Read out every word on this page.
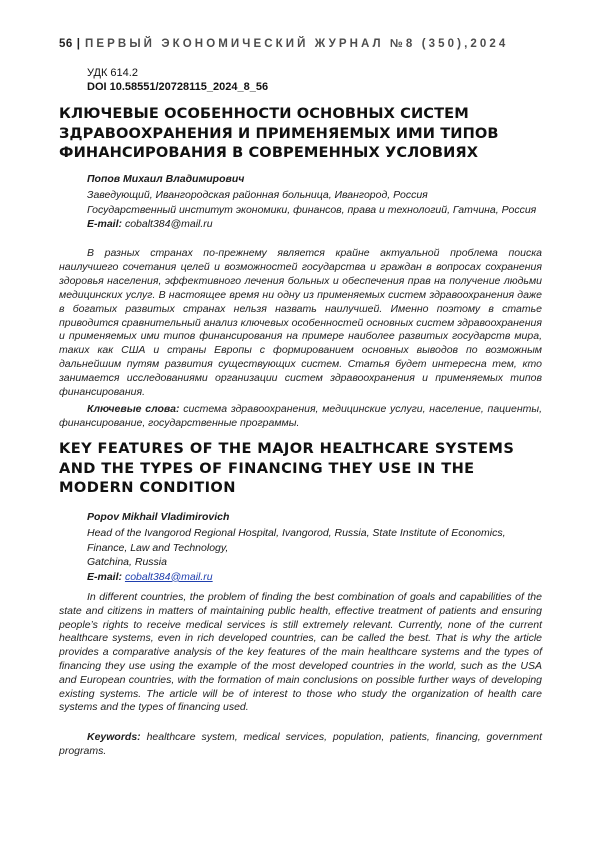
56 | ПЕРВЫЙ ЭКОНОМИЧЕСКИЙ ЖУРНАЛ №8 (350),2024
УДК 614.2
DOI 10.58551/20728115_2024_8_56
КЛЮЧЕВЫЕ ОСОБЕННОСТИ ОСНОВНЫХ СИСТЕМ ЗДРАВООХРАНЕНИЯ И ПРИМЕНЯЕМЫХ ИМИ ТИПОВ ФИНАНСИРОВАНИЯ В СОВРЕМЕННЫХ УСЛОВИЯХ
Попов Михаил Владимирович
Заведующий, Ивангородская районная больница, Ивангород, Россия
Государственный институт экономики, финансов, права и технологий, Гатчина, Россия
E-mail: cobalt384@mail.ru

В разных странах по-прежнему является крайне актуальной проблема поиска наилучшего сочетания целей и возможностей государства и граждан в вопросах сохранения здоровья населения, эффективного лечения больных и обеспечения прав на получение людьми медицинских услуг. В настоящее время ни одну из применяемых систем здравоохранения даже в богатых развитых странах нельзя назвать наилучшей. Именно поэтому в статье приводится сравнительный анализ ключевых особенностей основных систем здравоохранения и применяемых ими типов финансирования на примере наиболее развитых государств мира, таких как США и страны Европы с формированием основных выводов по возможным дальнейшим путям развития существующих систем. Статья будет интересна тем, кто занимается исследованиями организации систем здравоохранения и применяемых типов финансирования.

Ключевые слова: система здравоохранения, медицинские услуги, население, пациенты, финансирование, государственные программы.

KEY FEATURES OF THE MAJOR HEALTHCARE SYSTEMS AND THE TYPES OF FINANCING THEY USE IN THE MODERN CONDITION
Popov Mikhail Vladimirovich
Head of the Ivangorod Regional Hospital, Ivangorod, Russia, State Institute of Economics, Finance, Law and Technology,
Gatchina, Russia
E-mail: cobalt384@mail.ru

In different countries, the problem of finding the best combination of goals and capabilities of the state and citizens in matters of maintaining public health, effective treatment of patients and ensuring people’s rights to receive medical services is still extremely relevant. Currently, none of the current healthcare systems, even in rich developed countries, can be called the best. That is why the article provides a comparative analysis of the key features of the main healthcare systems and the types of financing they use using the example of the most developed countries in the world, such as the USA and European countries, with the formation of main conclusions on possible further ways of developing existing systems. The article will be of interest to those who study the organization of health care systems and the types of financing used.

Keywords: healthcare system, medical services, population, patients, financing, government programs.
